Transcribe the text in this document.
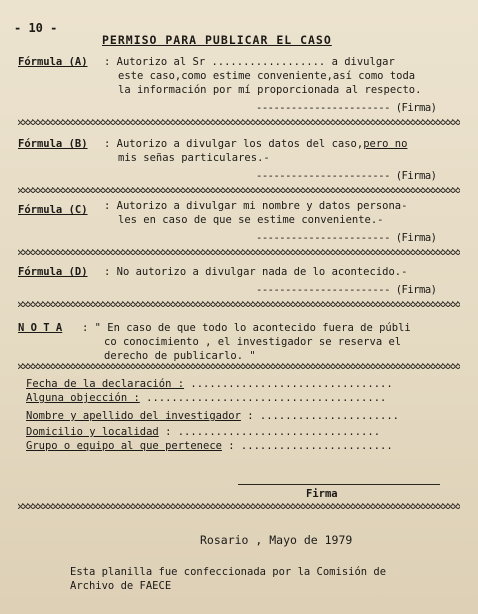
- 10 -
PERMISO PARA PUBLICAR EL CASO
Fórmula (A) : Autorizo al Sr .................. a divulgar
este caso,como estime conveniente,así como toda
la información por mí proporcionada al respecto.
----------------------- (Firma)
Fórmula (B) : Autorizo a divulgar los datos del caso,pero no
mis señas particulares.-
----------------------- (Firma)
Fórmula (C) : Autorizo a divulgar mi nombre y datos persona-
les en caso de que se estime conveniente.-
----------------------- (Firma)
Fórmula (D) : No autorizo a divulgar nada de lo acontecido.-
----------------------- (Firma)
N O T A : " En caso de que todo lo acontecido fuera de públi
co conocimiento , el investigador se reserva el
derecho de publicarlo. "
Fecha de la declaración : ................................
Alguna objección : ......................................
Nombre y apellido del investigador : ......................
Domicilio y localidad : ................................
Grupo o equipo al que pertenece : ........................
Firma
Rosario , Mayo de 1979
Esta planilla fue confeccionada por la Comisión de
Archivo de FAECE
